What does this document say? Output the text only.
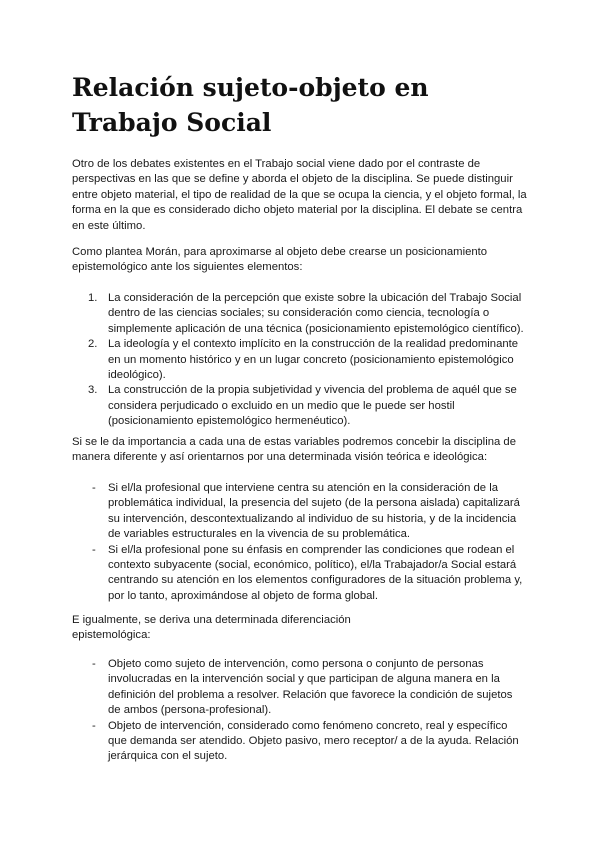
Relación sujeto-objeto en Trabajo Social

Otro de los debates existentes en el Trabajo social viene dado por el contraste de perspectivas en las que se define y aborda el objeto de la disciplina. Se puede distinguir entre objeto material, el tipo de realidad de la que se ocupa la ciencia, y el objeto formal, la forma en la que es considerado dicho objeto material por la disciplina. El debate se centra en este último.

Como plantea Morán, para aproximarse al objeto debe crearse un posicionamiento epistemológico ante los siguientes elementos:

1. La consideración de la percepción que existe sobre la ubicación del Trabajo Social dentro de las ciencias sociales; su consideración como ciencia, tecnología o simplemente aplicación de una técnica (posicionamiento epistemológico científico).
2. La ideología y el contexto implícito en la construcción de la realidad predominante en un momento histórico y en un lugar concreto (posicionamiento epistemológico ideológico).
3. La construcción de la propia subjetividad y vivencia del problema de aquél que se considera perjudicado o excluido en un medio que le puede ser hostil (posicionamiento epistemológico hermenéutico).

Si se le da importancia a cada una de estas variables podremos concebir la disciplina de manera diferente y así orientarnos por una determinada visión teórica e ideológica:

- Si el/la profesional que interviene centra su atención en la consideración de la problemática individual, la presencia del sujeto (de la persona aislada) capitalizará su intervención, descontextualizando al individuo de su historia, y de la incidencia de variables estructurales en la vivencia de su problemática.
- Si el/la profesional pone su énfasis en comprender las condiciones que rodean el contexto subyacente (social, económico, político), el/la Trabajador/a Social estará centrando su atención en los elementos configuradores de la situación problema y, por lo tanto, aproximándose al objeto de forma global.

E igualmente, se deriva una determinada diferenciación
epistemológica:

- Objeto como sujeto de intervención, como persona o conjunto de personas involucradas en la intervención social y que participan de alguna manera en la definición del problema a resolver. Relación que favorece la condición de sujetos de ambos (persona-profesional).
- Objeto de intervención, considerado como fenómeno concreto, real y específico que demanda ser atendido. Objeto pasivo, mero receptor/ a de la ayuda. Relación jerárquica con el sujeto.
